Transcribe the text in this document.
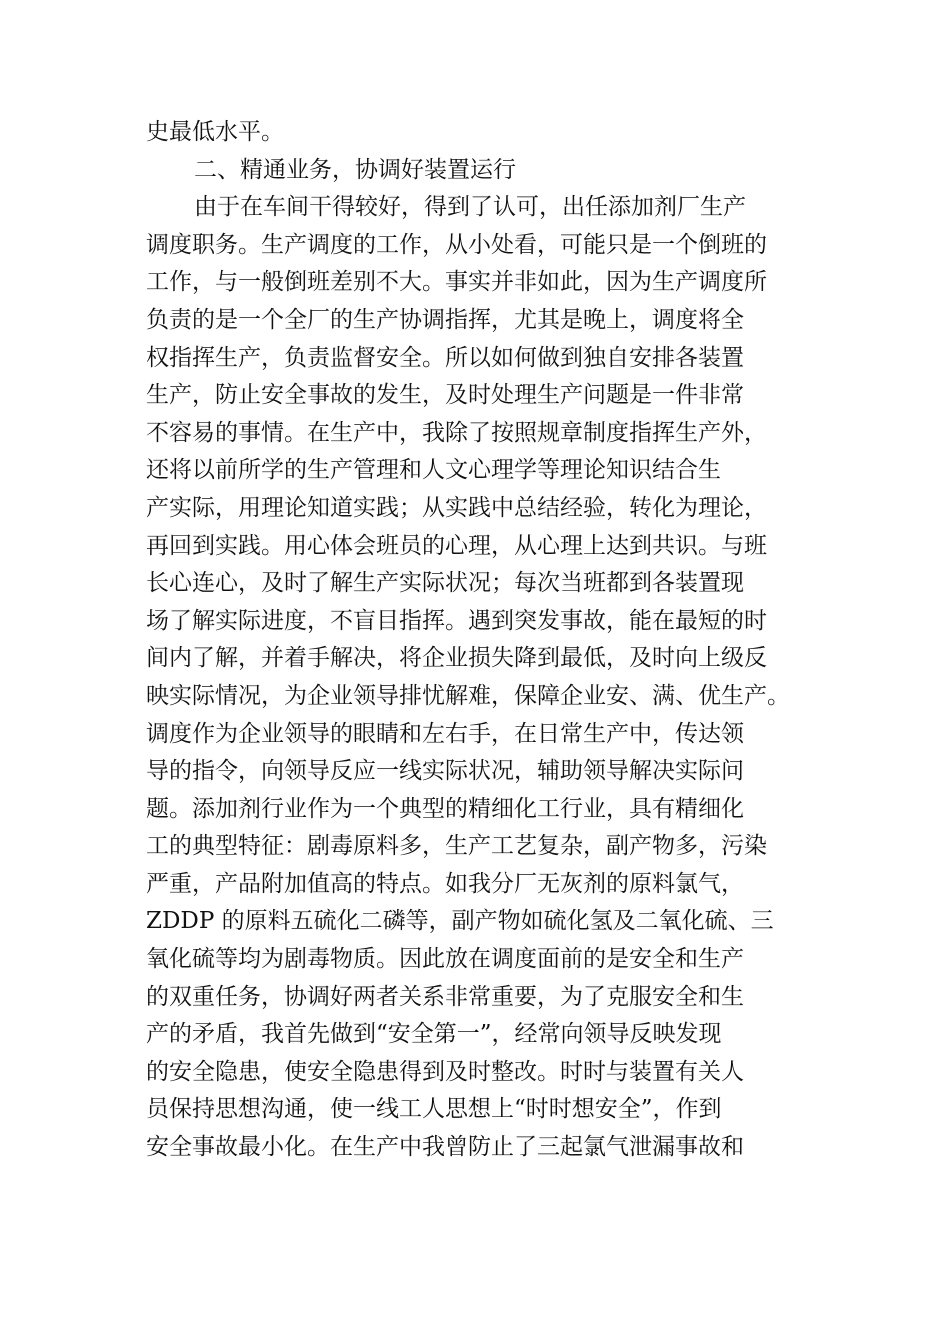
史最低水平。
二、精通业务，协调好装置运行
由于在车间干得较好，得到了认可，出任添加剂厂生产
调度职务。生产调度的工作，从小处看，可能只是一个倒班的
工作，与一般倒班差别不大。事实并非如此，因为生产调度所
负责的是一个全厂的生产协调指挥，尤其是晚上，调度将全
权指挥生产，负责监督安全。所以如何做到独自安排各装置
生产，防止安全事故的发生，及时处理生产问题是一件非常
不容易的事情。在生产中，我除了按照规章制度指挥生产外，
还将以前所学的生产管理和人文心理学等理论知识结合生
产实际，用理论知道实践；从实践中总结经验，转化为理论，
再回到实践。用心体会班员的心理，从心理上达到共识。与班
长心连心，及时了解生产实际状况；每次当班都到各装置现
场了解实际进度，不盲目指挥。遇到突发事故，能在最短的时
间内了解，并着手解决，将企业损失降到最低，及时向上级反
映实际情况，为企业领导排忧解难，保障企业安、满、优生产。
调度作为企业领导的眼睛和左右手，在日常生产中，传达领
导的指令，向领导反应一线实际状况，辅助领导解决实际问
题。添加剂行业作为一个典型的精细化工行业，具有精细化
工的典型特征：剧毒原料多，生产工艺复杂，副产物多，污染
严重，产品附加值高的特点。如我分厂无灰剂的原料氯气，
ZDDP 的原料五硫化二磷等，副产物如硫化氢及二氧化硫、三
氧化硫等均为剧毒物质。因此放在调度面前的是安全和生产
的双重任务，协调好两者关系非常重要，为了克服安全和生
产的矛盾，我首先做到“安全第一”，经常向领导反映发现
的安全隐患，使安全隐患得到及时整改。时时与装置有关人
员保持思想沟通，使一线工人思想上“时时想安全”，作到
安全事故最小化。在生产中我曾防止了三起氯气泄漏事故和
